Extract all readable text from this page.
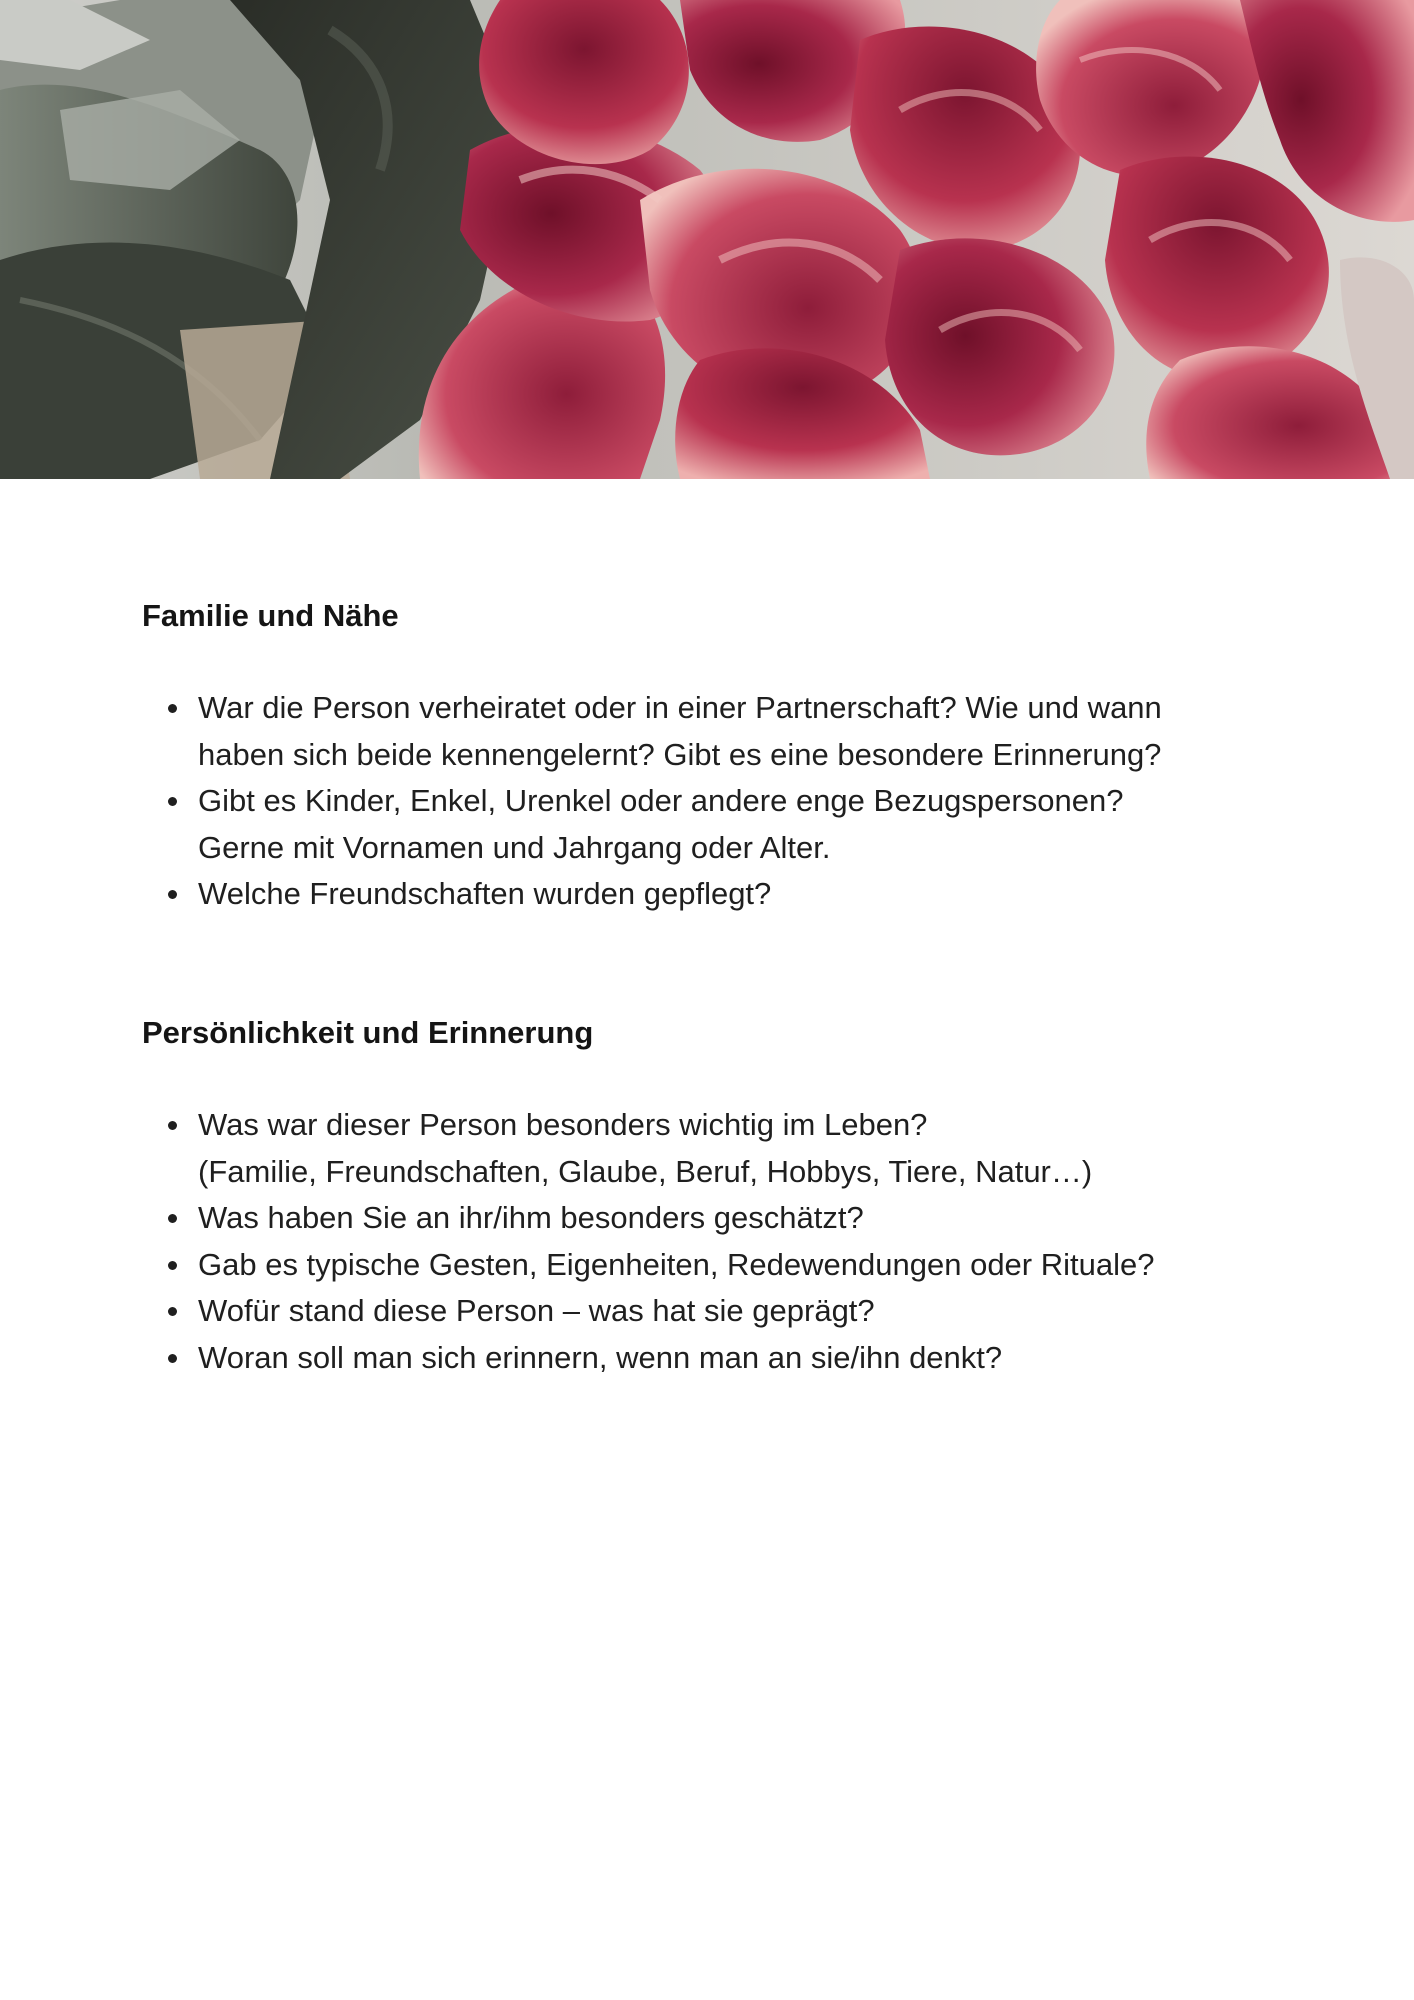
Familie und Nähe
War die Person verheiratet oder in einer Partnerschaft? Wie und wann
haben sich beide kennengelernt? Gibt es eine besondere Erinnerung?
Gibt es Kinder, Enkel, Urenkel oder andere enge Bezugspersonen?
Gerne mit Vornamen und Jahrgang oder Alter.
Welche Freundschaften wurden gepflegt?
Persönlichkeit und Erinnerung
Was war dieser Person besonders wichtig im Leben?
(Familie, Freundschaften, Glaube, Beruf, Hobbys, Tiere, Natur…)
Was haben Sie an ihr/ihm besonders geschätzt?
Gab es typische Gesten, Eigenheiten, Redewendungen oder Rituale?
Wofür stand diese Person – was hat sie geprägt?
Woran soll man sich erinnern, wenn man an sie/ihn denkt?
